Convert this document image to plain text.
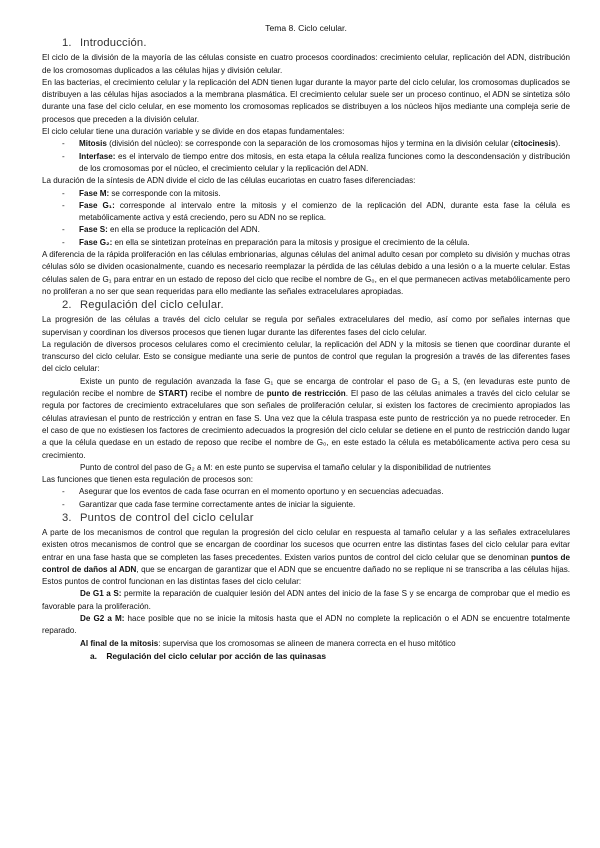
Tema 8. Ciclo celular.
1. Introducción.

El ciclo de la división de la mayoría de las células consiste en cuatro procesos coordinados: crecimiento celular, replicación del ADN, distribución de los cromosomas duplicados a las células hijas y división celular.

En las bacterias, el crecimiento celular y la replicación del ADN tienen lugar durante la mayor parte del ciclo celular, los cromosomas duplicados se distribuyen a las células hijas asociados a la membrana plasmática. El crecimiento celular suele ser un proceso continuo, el ADN se sintetiza sólo durante una fase del ciclo celular, en ese momento los cromosomas replicados se distribuyen a los núcleos hijos mediante una compleja serie de procesos que preceden a la división celular.

El ciclo celular tiene una duración variable y se divide en dos etapas fundamentales:

- Mitosis (división del núcleo): se corresponde con la separación de los cromosomas hijos y termina en la división celular (citocinesis).
- Interfase: es el intervalo de tiempo entre dos mitosis, en esta etapa la célula realiza funciones como la descondensación y distribución de los cromosomas por el núcleo, el crecimiento celular y la replicación del ADN.

La duración de la síntesis de ADN divide el ciclo de las células eucariotas en cuatro fases diferenciadas:

- Fase M: se corresponde con la mitosis.
- Fase G₁: corresponde al intervalo entre la mitosis y el comienzo de la replicación del ADN, durante esta fase la célula es metabólicamente activa y está creciendo, pero su ADN no se replica.
- Fase S: en ella se produce la replicación del ADN.
- Fase G₂: en ella se sintetizan proteínas en preparación para la mitosis y prosigue el crecimiento de la célula.

A diferencia de la rápida proliferación en las células embrionarias, algunas células del animal adulto cesan por completo su división y muchas otras células sólo se dividen ocasionalmente, cuando es necesario reemplazar la pérdida de las células debido a una lesión o a la muerte celular. Estas células salen de G₁ para entrar en un estado de reposo del ciclo que recibe el nombre de G₀, en el que permanecen activas metabólicamente pero no proliferan a no ser que sean requeridas para ello mediante las señales extracelulares apropiadas.

2. Regulación del ciclo celular.

La progresión de las células a través del ciclo celular se regula por señales extracelulares del medio, así como por señales internas que supervisan y coordinan los diversos procesos que tienen lugar durante las diferentes fases del ciclo celular.

La regulación de diversos procesos celulares como el crecimiento celular, la replicación del ADN y la mitosis se tienen que coordinar durante el transcurso del ciclo celular. Esto se consigue mediante una serie de puntos de control que regulan la progresión a través de las diferentes fases del ciclo celular:

Existe un punto de regulación avanzada la fase G₁ que se encarga de controlar el paso de G₁ a S, (en levaduras este punto de regulación recibe el nombre de START) recibe el nombre de punto de restricción. El paso de las células animales a través del ciclo celular se regula por factores de crecimiento extracelulares que son señales de proliferación celular, si existen los factores de crecimiento apropiados las células atraviesan el punto de restricción y entran en fase S. Una vez que la célula traspasa este punto de restricción ya no puede retroceder. En el caso de que no existiesen los factores de crecimiento adecuados la progresión del ciclo celular se detiene en el punto de restricción dando lugar a que la célula quedase en un estado de reposo que recibe el nombre de G₀, en este estado la célula es metabólicamente activa pero cesa su crecimiento.

Punto de control del paso de G₂ a M: en este punto se supervisa el tamaño celular y la disponibilidad de nutrientes

Las funciones que tienen esta regulación de procesos son:

- Asegurar que los eventos de cada fase ocurran en el momento oportuno y en secuencias adecuadas.
- Garantizar que cada fase termine correctamente antes de iniciar la siguiente.
3. Puntos de control del ciclo celular

A parte de los mecanismos de control que regulan la progresión del ciclo celular en respuesta al tamaño celular y a las señales extracelulares existen otros mecanismos de control que se encargan de coordinar los sucesos que ocurren entre las distintas fases del ciclo celular para evitar entrar en una fase hasta que se completen las fases precedentes. Existen varios puntos de control del ciclo celular que se denominan puntos de control de daños al ADN, que se encargan de garantizar que el ADN que se encuentre dañado no se replique ni se transcriba a las células hijas. Estos puntos de control funcionan en las distintas fases del ciclo celular:

De G1 a S: permite la reparación de cualquier lesión del ADN antes del inicio de la fase S y se encarga de comprobar que el medio es favorable para la proliferación.

De G2 a M: hace posible que no se inicie la mitosis hasta que el ADN no complete la replicación o el ADN se encuentre totalmente reparado.

Al final de la mitosis: supervisa que los cromosomas se alineen de manera correcta en el huso mitótico

a. Regulación del ciclo celular por acción de las quinasas
